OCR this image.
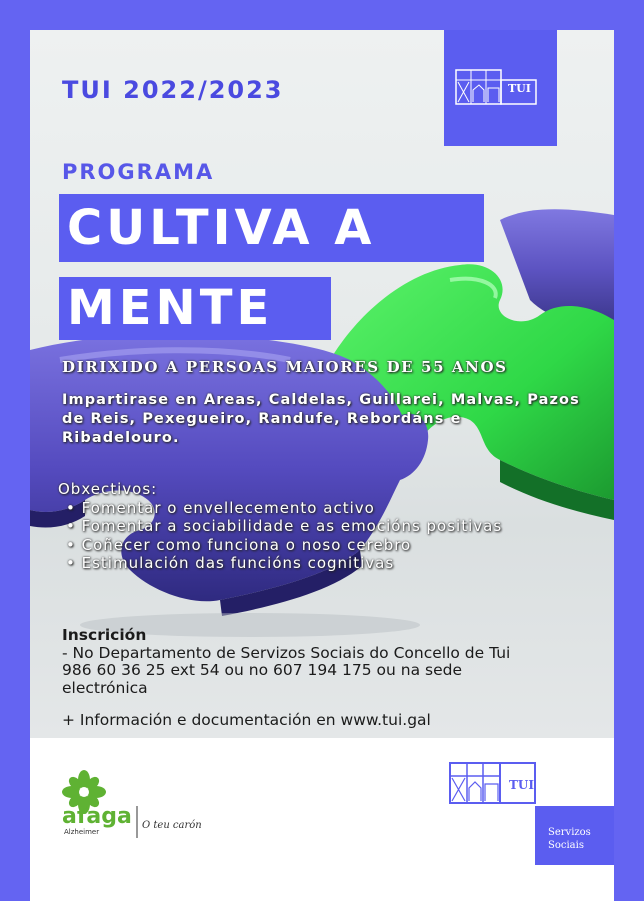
TUI 2022/2023	TUI
PROGRAMA
CULTIVA A
MENTE
DIRIXIDO A PERSOAS MAIORES DE 55 ANOS
Impartirase en Areas, Caldelas, Guillarei, Malvas, Pazos de Reis, Pexegueiro, Randufe, Rebordáns e Ribadelouro.
Obxectivos:
• Fomentar o envellecemento activo
• Fomentar a sociabilidade e as emocións positivas
• Coñecer como funciona o noso cerebro
• Estimulación das funcións cognitivas
Inscrición
- No Departamento de Servizos Sociais do Concello de Tui
986 60 36 25 ext 54 ou no 607 194 175 ou na sede
electrónica
+ Información e documentación en www.tui.gal
afaga
Alzheimer
O teu carón
TUI
Servizos
Sociais
